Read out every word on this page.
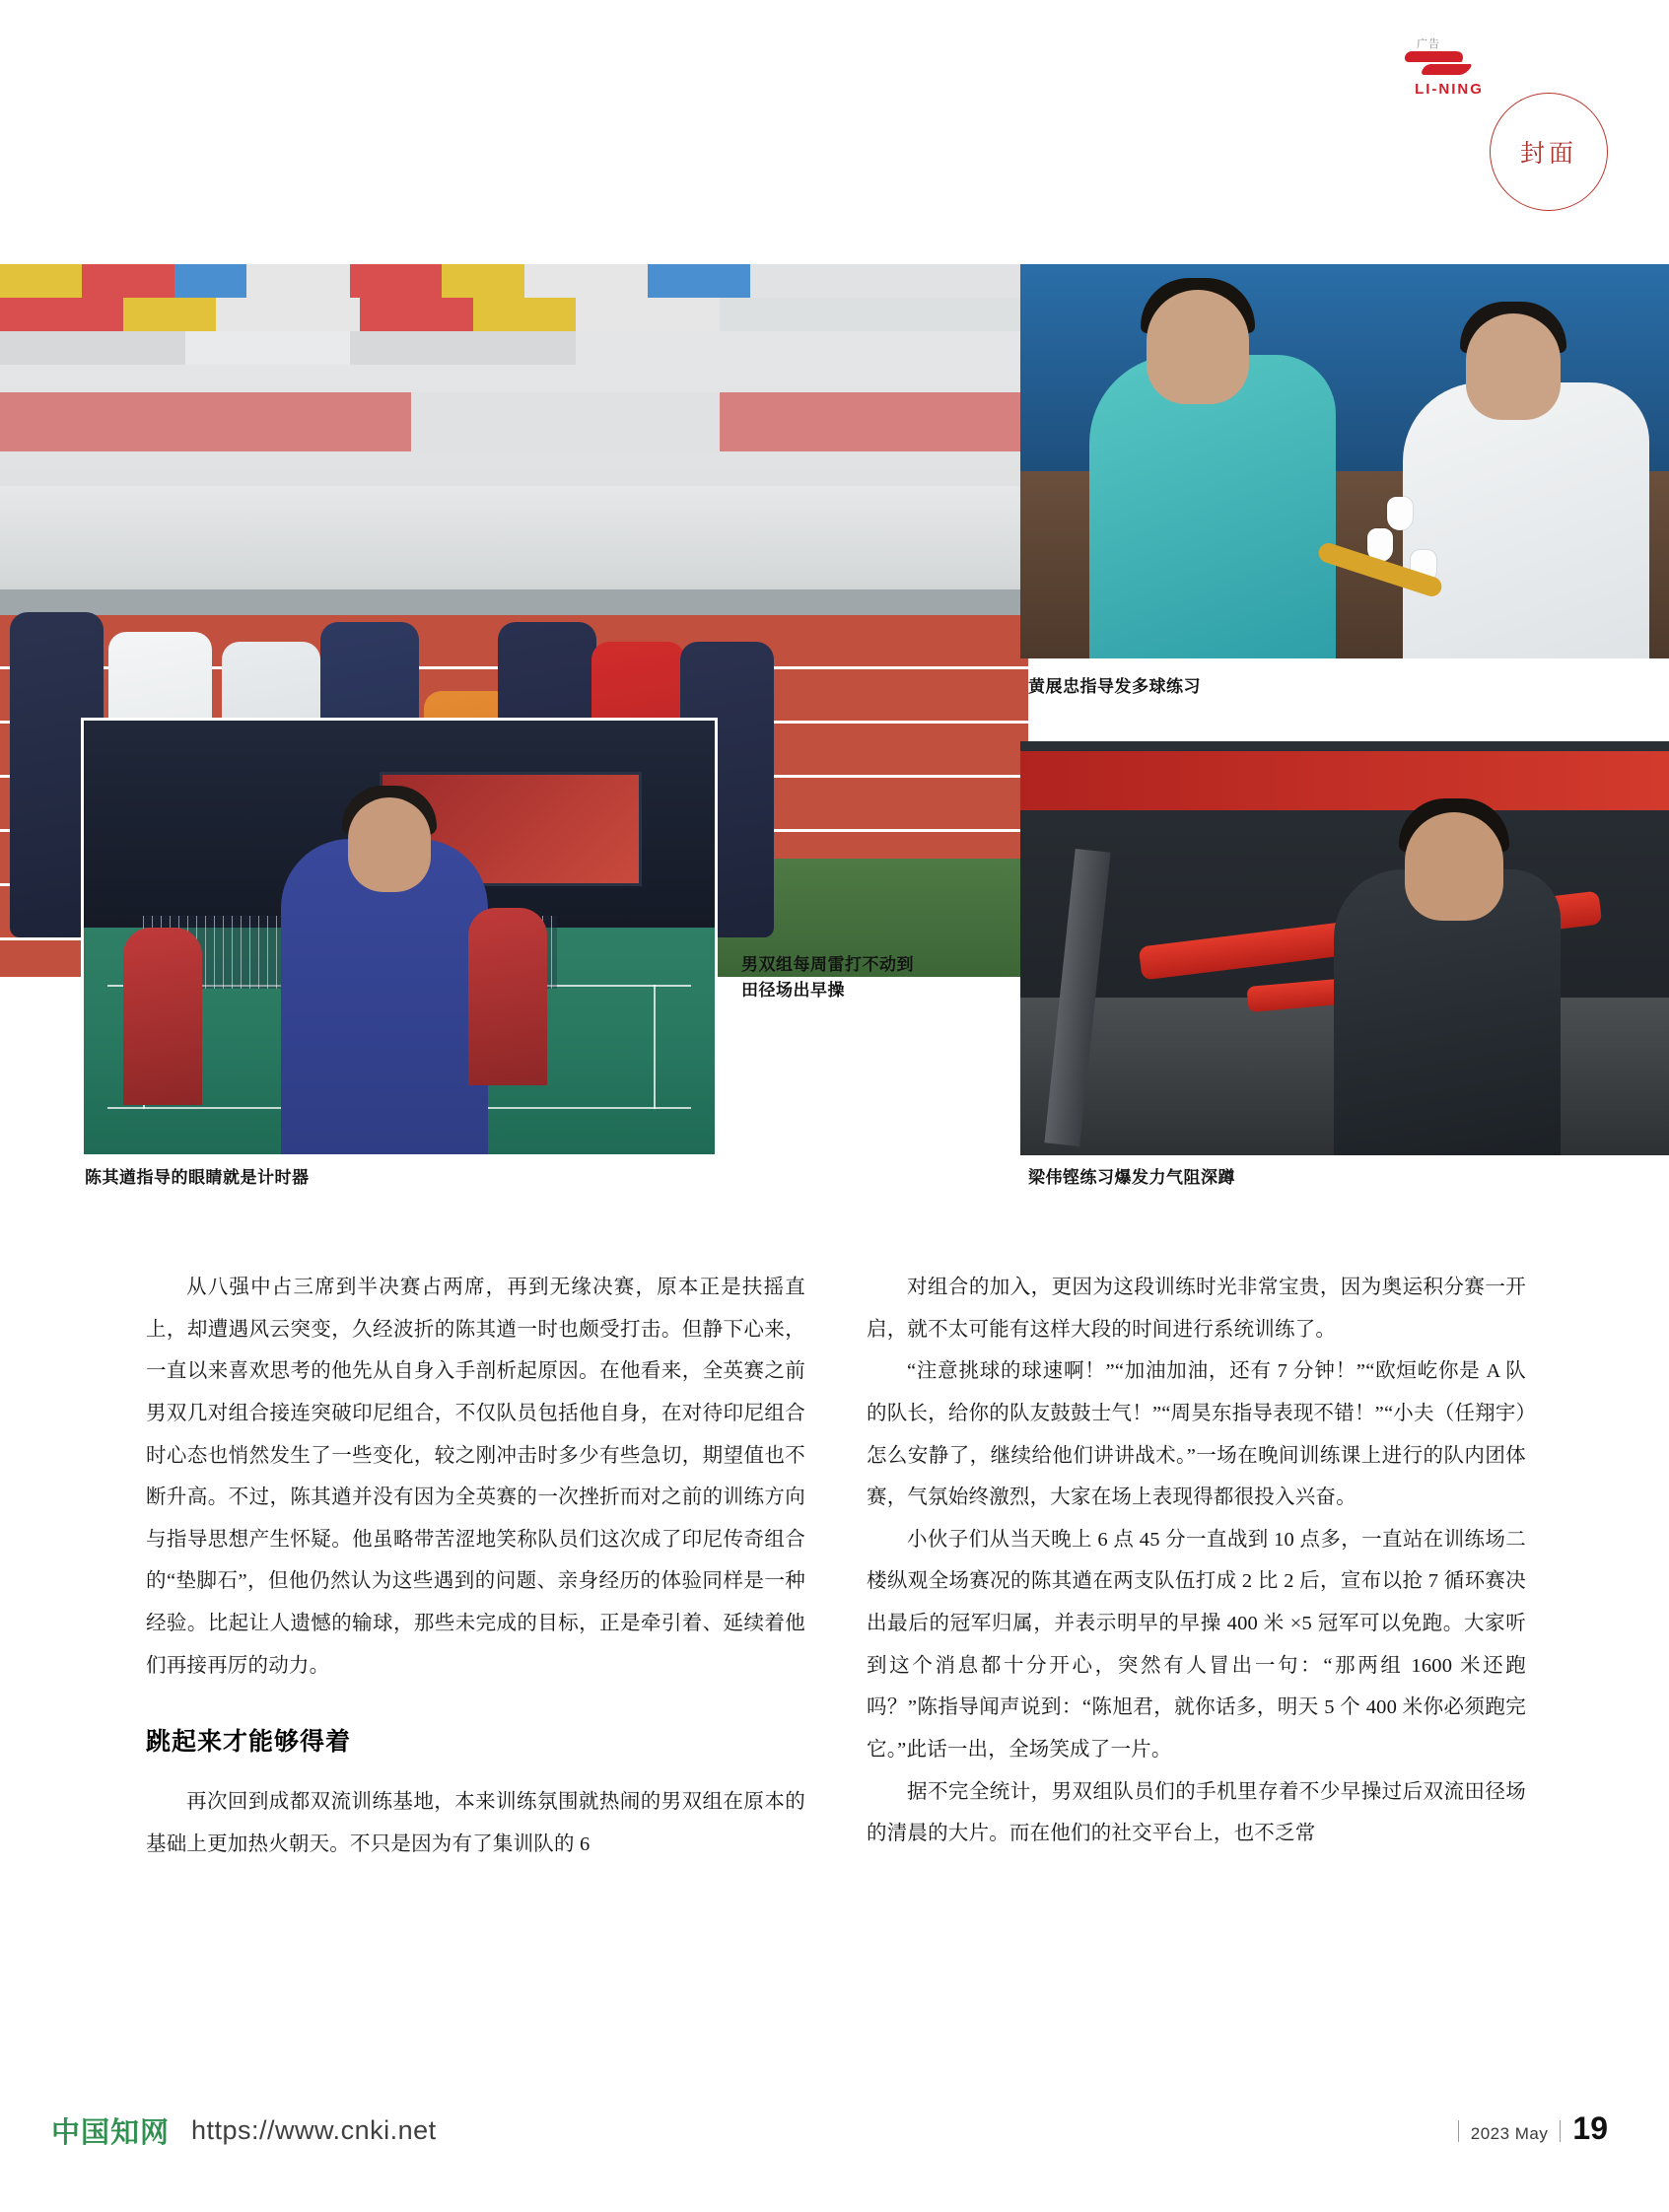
广告
LI-NING
封面
黄展忠指导发多球练习
男双组每周雷打不动到
田径场出早操
陈其遒指导的眼睛就是计时器	梁伟铿练习爆发力气阻深蹲

从八强中占三席到半决赛占两席，再到无缘决赛，原本正是扶摇直上，却遭遇风云突变，久经波折的陈其遒一时也颇受打击。但静下心来，一直以来喜欢思考的他先从自身入手剖析起原因。在他看来，全英赛之前男双几对组合接连突破印尼组合，不仅队员包括他自身，在对待印尼组合时心态也悄然发生了一些变化，较之刚冲击时多少有些急切，期望值也不断升高。不过，陈其遒并没有因为全英赛的一次挫折而对之前的训练方向与指导思想产生怀疑。他虽略带苦涩地笑称队员们这次成了印尼传奇组合的“垫脚石”，但他仍然认为这些遇到的问题、亲身经历的体验同样是一种经验。比起让人遗憾的输球，那些未完成的目标，正是牵引着、延续着他们再接再厉的动力。

跳起来才能够得着

再次回到成都双流训练基地，本来训练氛围就热闹的男双组在原本的基础上更加热火朝天。不只是因为有了集训队的 6

对组合的加入，更因为这段训练时光非常宝贵，因为奥运积分赛一开启，就不太可能有这样大段的时间进行系统训练了。

“注意挑球的球速啊！”“加油加油，还有 7 分钟！”“欧烜屹你是 A 队的队长，给你的队友鼓鼓士气！”“周昊东指导表现不错！”“小夫（任翔宇）怎么安静了，继续给他们讲讲战术。”一场在晚间训练课上进行的队内团体赛，气氛始终激烈，大家在场上表现得都很投入兴奋。

小伙子们从当天晚上 6 点 45 分一直战到 10 点多，一直站在训练场二楼纵观全场赛况的陈其遒在两支队伍打成 2 比 2 后，宣布以抢 7 循环赛决出最后的冠军归属，并表示明早的早操 400 米 ×5 冠军可以免跑。大家听到这个消息都十分开心，突然有人冒出一句：“那两组 1600 米还跑吗？”陈指导闻声说到：“陈旭君，就你话多，明天 5 个 400 米你必须跑完它。”此话一出，全场笑成了一片。

据不完全统计，男双组队员们的手机里存着不少早操过后双流田径场的清晨的大片。而在他们的社交平台上，也不乏常

中国知网 https://www.cnki.net	2023 May 19
